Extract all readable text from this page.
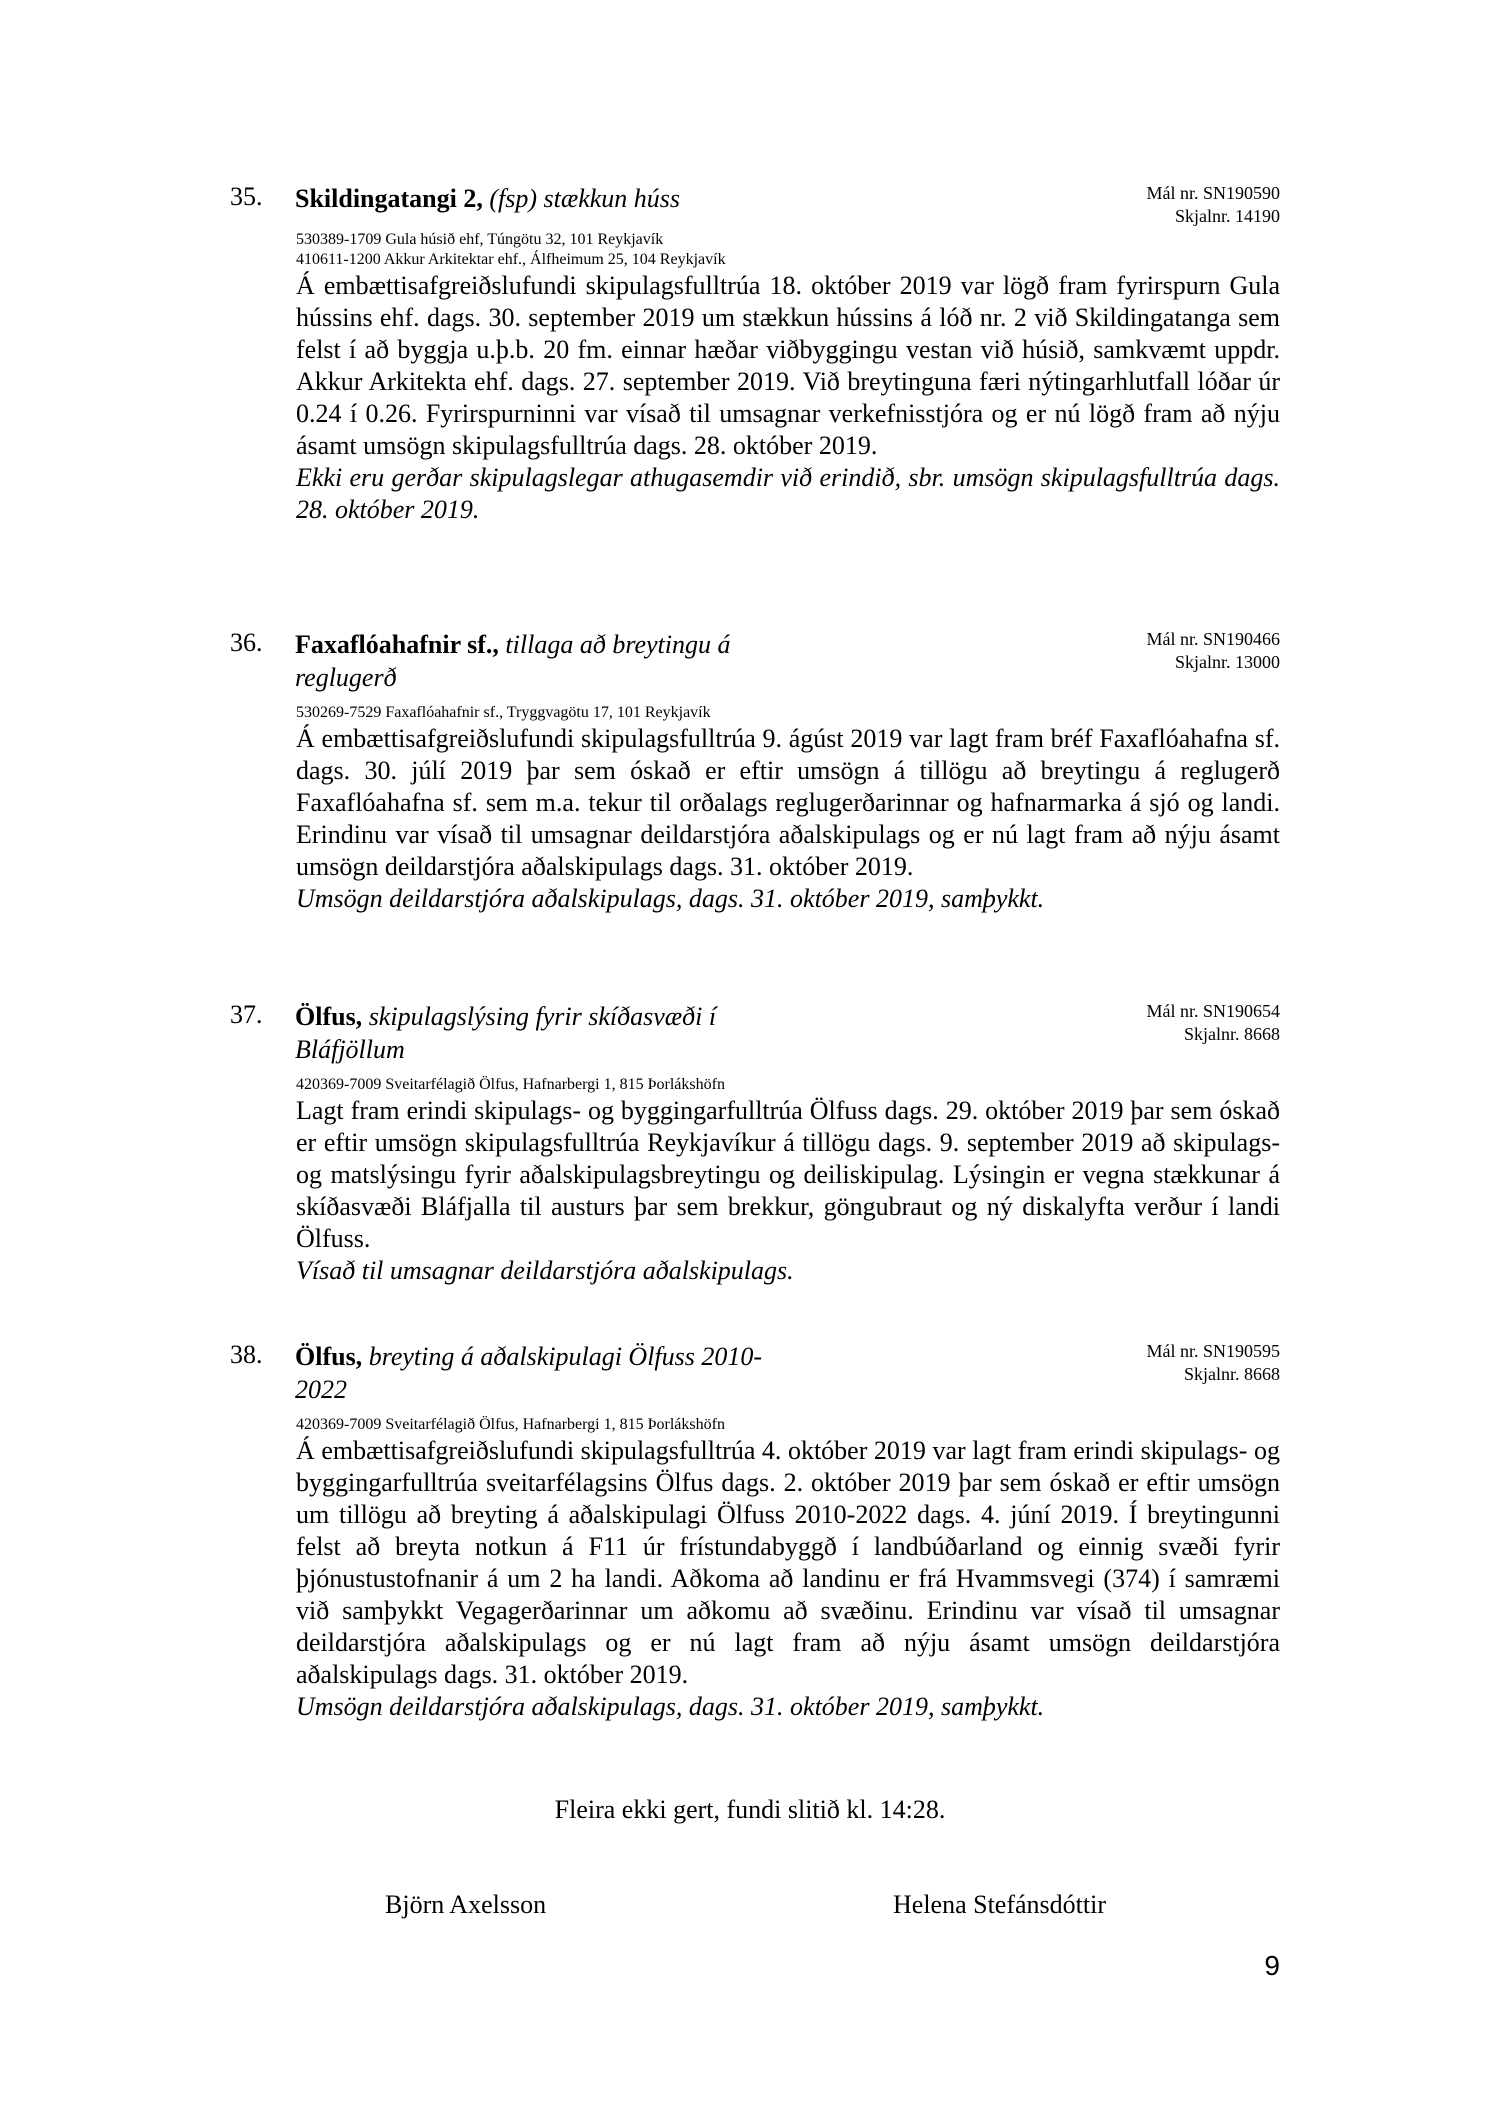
35. Skildingatangi 2, (fsp) stækkun húss	Mál nr. SN190590
Skjalnr. 14190
530389-1709 Gula húsið ehf, Túngötu 32, 101 Reykjavík
410611-1200 Akkur Arkitektar ehf., Álfheimum 25, 104 Reykjavík

Á embættisafgreiðslufundi skipulagsfulltrúa 18. október 2019 var lögð fram fyrirspurn Gula hússins ehf. dags. 30. september 2019 um stækkun hússins á lóð nr. 2 við Skildingatanga sem felst í að byggja u.þ.b. 20 fm. einnar hæðar viðbyggingu vestan við húsið, samkvæmt uppdr. Akkur Arkitekta ehf. dags. 27. september 2019. Við breytinguna færi nýtingarhlutfall lóðar úr 0.24 í 0.26. Fyrirspurninni var vísað til umsagnar verkefnisstjóra og er nú lögð fram að nýju ásamt umsögn skipulagsfulltrúa dags. 28. október 2019.

Ekki eru gerðar skipulagslegar athugasemdir við erindið, sbr. umsögn skipulagsfulltrúa dags. 28. október 2019.

36. Faxaflóahafnir sf., tillaga að breytingu á reglugerð
Mál nr. SN190466
Skjalnr. 13000
530269-7529 Faxaflóahafnir sf., Tryggvagötu 17, 101 Reykjavík

Á embættisafgreiðslufundi skipulagsfulltrúa 9. ágúst 2019 var lagt fram bréf Faxaflóahafna sf. dags. 30. júlí 2019 þar sem óskað er eftir umsögn á tillögu að breytingu á reglugerð Faxaflóahafna sf. sem m.a. tekur til orðalags reglugerðarinnar og hafnarmarka á sjó og landi. Erindinu var vísað til umsagnar deildarstjóra aðalskipulags og er nú lagt fram að nýju ásamt umsögn deildarstjóra aðalskipulags dags. 31. október 2019.

Umsögn deildarstjóra aðalskipulags, dags. 31. október 2019, samþykkt.

37. Ölfus, skipulagslýsing fyrir skíðasvæði í Bláfjöllum
Mál nr. SN190654
Skjalnr. 8668
420369-7009 Sveitarfélagið Ölfus, Hafnarbergi 1, 815 Þorlákshöfn

Lagt fram erindi skipulags- og byggingarfulltrúa Ölfuss dags. 29. október 2019 þar sem óskað er eftir umsögn skipulagsfulltrúa Reykjavíkur á tillögu dags. 9. september 2019 að skipulags- og matslýsingu fyrir aðalskipulagsbreytingu og deiliskipulag. Lýsingin er vegna stækkunar á skíðasvæði Bláfjalla til austurs þar sem brekkur, göngubraut og ný diskalyfta verður í landi Ölfuss.

Vísað til umsagnar deildarstjóra aðalskipulags.

38. Ölfus, breyting á aðalskipulagi Ölfuss 2010-2022
Mál nr. SN190595
Skjalnr. 8668
420369-7009 Sveitarfélagið Ölfus, Hafnarbergi 1, 815 Þorlákshöfn

Á embættisafgreiðslufundi skipulagsfulltrúa 4. október 2019 var lagt fram erindi skipulags- og byggingarfulltrúa sveitarfélagsins Ölfus dags. 2. október 2019 þar sem óskað er eftir umsögn um tillögu að breyting á aðalskipulagi Ölfuss 2010-2022 dags. 4. júní 2019. Í breytingunni felst að breyta notkun á F11 úr frístundabyggð í landbúðarland og einnig svæði fyrir þjónustustofnanir á um 2 ha landi. Aðkoma að landinu er frá Hvammsvegi (374) í samræmi við samþykkt Vegagerðarinnar um aðkomu að svæðinu. Erindinu var vísað til umsagnar deildarstjóra aðalskipulags og er nú lagt fram að nýju ásamt umsögn deildarstjóra aðalskipulags dags. 31. október 2019.

Umsögn deildarstjóra aðalskipulags, dags. 31. október 2019, samþykkt.

Fleira ekki gert, fundi slitið kl. 14:28.
Björn Axelsson	Helena Stefánsdóttir
9
